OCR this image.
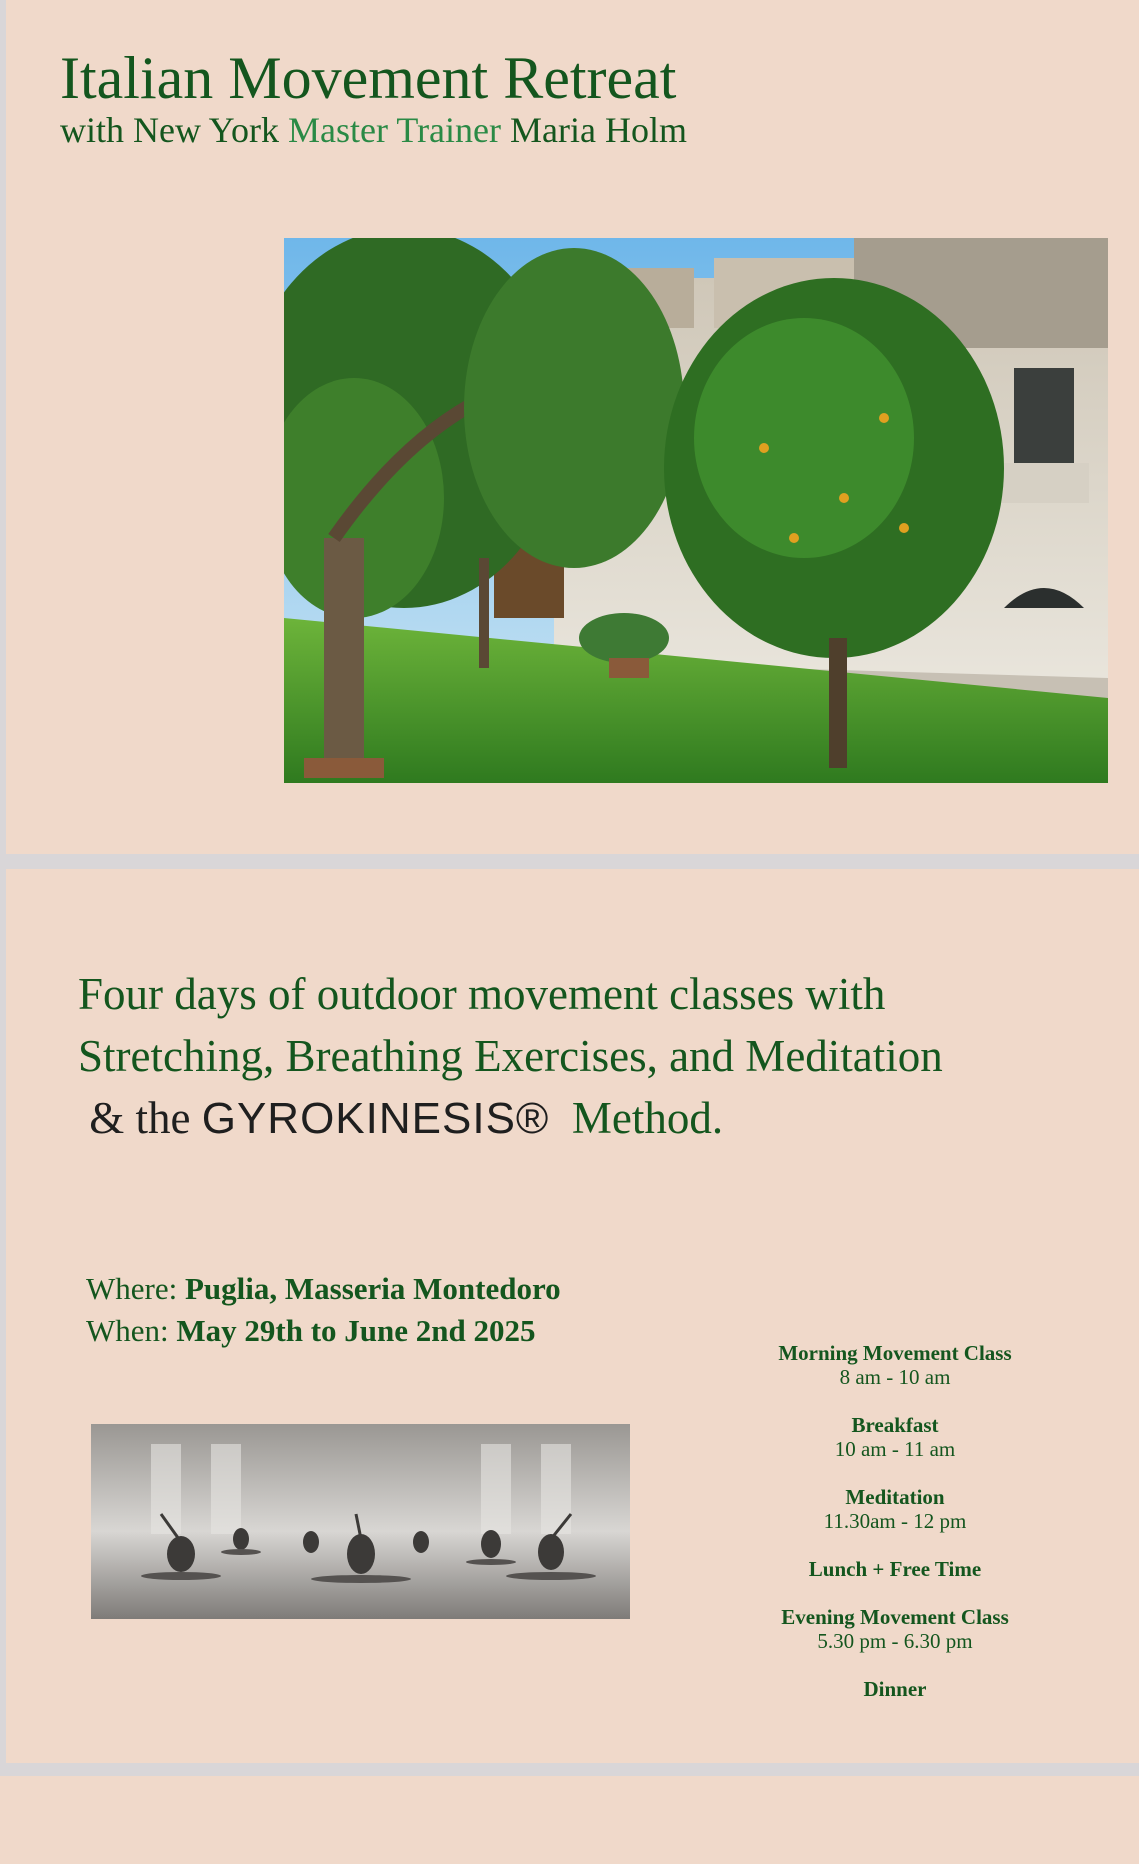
Italian Movement Retreat
with New York Master Trainer Maria Holm
Four days of outdoor movement classes with
Stretching, Breathing Exercises, and Meditation
& the GYROKINESIS® Method.
Where: Puglia, Masseria Montedoro
When: May 29th to June 2nd 2025
Morning Movement Class
8 am - 10 am
Breakfast
10 am - 11 am
Meditation
11.30am - 12 pm
Lunch + Free Time
Evening Movement Class
5.30 pm - 6.30 pm
Dinner
